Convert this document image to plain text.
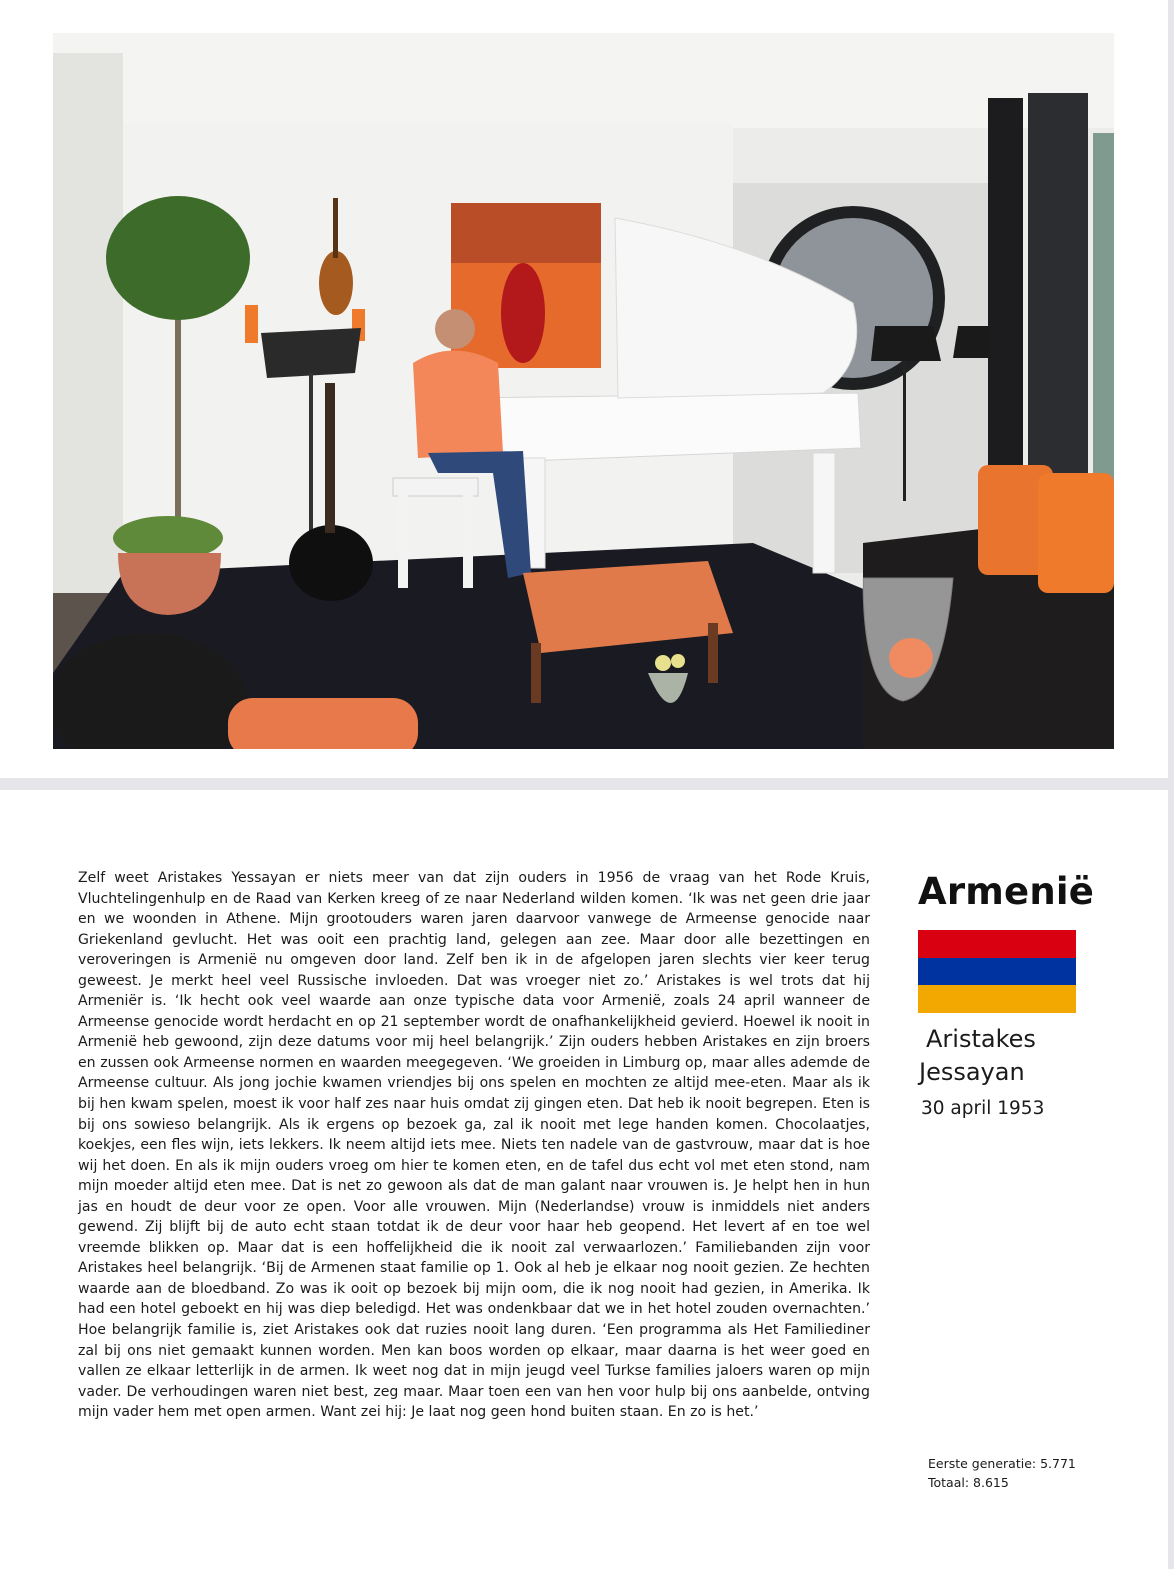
Zelf weet Aristakes Yessayan er niets meer van dat zijn ouders in 1956 de vraag van het Rode Kruis, Vluchtelingenhulp en de Raad van Kerken kreeg of ze naar Nederland wilden komen. ‘Ik was net geen drie jaar en we woonden in Athene. Mijn grootouders waren jaren daarvoor vanwege de Armeense genocide naar Griekenland gevlucht. Het was ooit een prachtig land, gelegen aan zee. Maar door alle bezettingen en veroveringen is Armenië nu omgeven door land. Zelf ben ik in de afgelopen jaren slechts vier keer terug geweest. Je merkt heel veel Russische invloeden. Dat was vroeger niet zo.’ Aristakes is wel trots dat hij Armeniër is. ‘Ik hecht ook veel waarde aan onze typische data voor Armenië, zoals 24 april wanneer de Armeense genocide wordt herdacht en op 21 september wordt de onafhankelijkheid gevierd. Hoewel ik nooit in Armenië heb gewoond, zijn deze datums voor mij heel belangrijk.’ Zijn ouders hebben Aristakes en zijn broers en zussen ook Armeense normen en waarden meegegeven. ‘We groeiden in Limburg op, maar alles ademde de Armeense cultuur. Als jong jochie kwamen vriendjes bij ons spelen en mochten ze altijd mee-eten. Maar als ik bij hen kwam spelen, moest ik voor half zes naar huis omdat zij gingen eten. Dat heb ik nooit begrepen. Eten is bij ons sowieso belangrijk. Als ik ergens op bezoek ga, zal ik nooit met lege handen komen. Chocolaatjes, koekjes, een fles wijn, iets lekkers. Ik neem altijd iets mee. Niets ten nadele van de gastvrouw, maar dat is hoe wij het doen. En als ik mijn ouders vroeg om hier te komen eten, en de tafel dus echt vol met eten stond, nam mijn moeder altijd eten mee. Dat is net zo gewoon als dat de man galant naar vrouwen is. Je helpt hen in hun jas en houdt de deur voor ze open. Voor alle vrouwen. Mijn (Nederlandse) vrouw is inmiddels niet anders gewend. Zij blijft bij de auto echt staan totdat ik de deur voor haar heb geopend. Het levert af en toe wel vreemde blikken op. Maar dat is een hoffelijkheid die ik nooit zal verwaarlozen.’ Familiebanden zijn voor Aristakes heel belangrijk. ‘Bij de Armenen staat familie op 1. Ook al heb je elkaar nog nooit gezien. Ze hechten waarde aan de bloedband. Zo was ik ooit op bezoek bij mijn oom, die ik nog nooit had gezien, in Amerika. Ik had een hotel geboekt en hij was diep beledigd. Het was ondenkbaar dat we in het hotel zouden overnachten.’ Hoe belangrijk familie is, ziet Aristakes ook dat ruzies nooit lang duren. ‘Een programma als Het Familiediner zal bij ons niet gemaakt kunnen worden. Men kan boos worden op elkaar, maar daarna is het weer goed en vallen ze elkaar letterlijk in de armen. Ik weet nog dat in mijn jeugd veel Turkse families jaloers waren op mijn vader. De verhoudingen waren niet best, zeg maar. Maar toen een van hen voor hulp bij ons aanbelde, ontving mijn vader hem met open armen. Want zei hij: Je laat nog geen hond buiten staan. En zo is het.’

Armenië

Aristakes

Jessayan

30 april 1953

Eerste generatie: 5.771

Totaal: 8.615
